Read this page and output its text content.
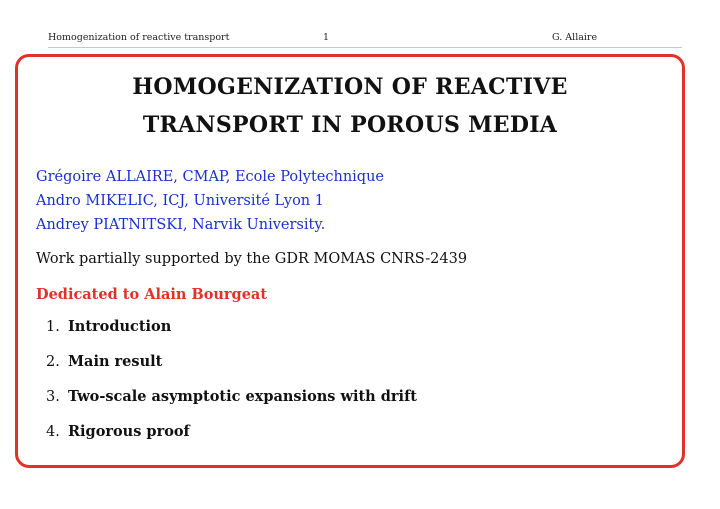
Homogenization of reactive transport	1	G. Allaire
HOMOGENIZATION OF REACTIVE
TRANSPORT IN POROUS MEDIA
Grégoire ALLAIRE, CMAP, Ecole Polytechnique
Andro MIKELIC, ICJ, Université Lyon 1
Andrey PIATNITSKI, Narvik University.
Work partially supported by the GDR MOMAS CNRS-2439
Dedicated to Alain Bourgeat
1. Introduction
2. Main result
3. Two-scale asymptotic expansions with drift
4. Rigorous proof
